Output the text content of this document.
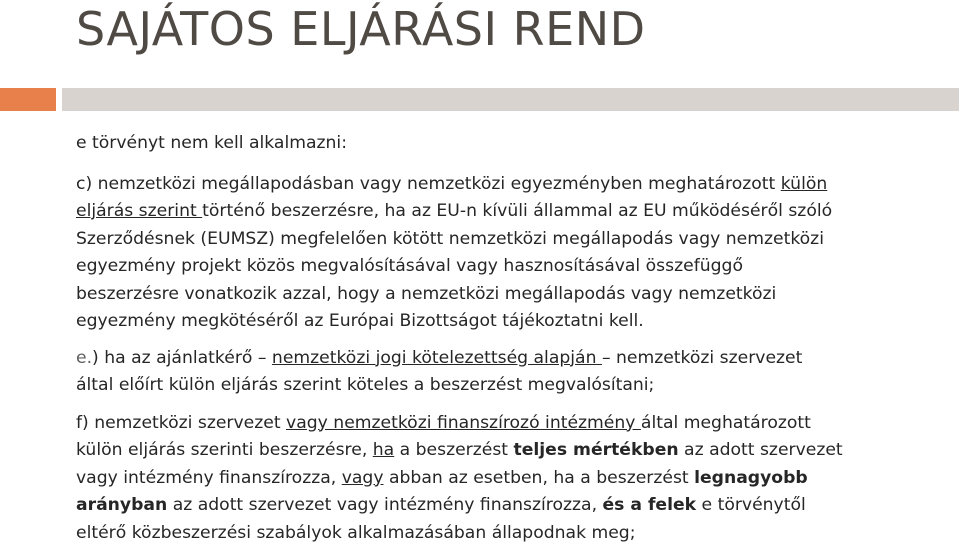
SAJÁTOS ELJÁRÁSI REND

e törvényt nem kell alkalmazni:

c) nemzetközi megállapodásban vagy nemzetközi egyezményben meghatározott külön
eljárás szerint történő beszerzésre, ha az EU-n kívüli állammal az EU működéséről szóló
Szerződésnek (EUMSZ) megfelelően kötött nemzetközi megállapodás vagy nemzetközi
egyezmény projekt közös megvalósításával vagy hasznosításával összefüggő
beszerzésre vonatkozik azzal, hogy a nemzetközi megállapodás vagy nemzetközi
egyezmény megkötéséről az Európai Bizottságot tájékoztatni kell.

e.) ha az ajánlatkérő – nemzetközi jogi kötelezettség alapján – nemzetközi szervezet
által előírt külön eljárás szerint köteles a beszerzést megvalósítani;

f) nemzetközi szervezet vagy nemzetközi finanszírozó intézmény által meghatározott
külön eljárás szerinti beszerzésre, ha a beszerzést teljes mértékben az adott szervezet
vagy intézmény finanszírozza, vagy abban az esetben, ha a beszerzést legnagyobb
arányban az adott szervezet vagy intézmény finanszírozza, és a felek e törvénytől
eltérő közbeszerzési szabályok alkalmazásában állapodnak meg;
